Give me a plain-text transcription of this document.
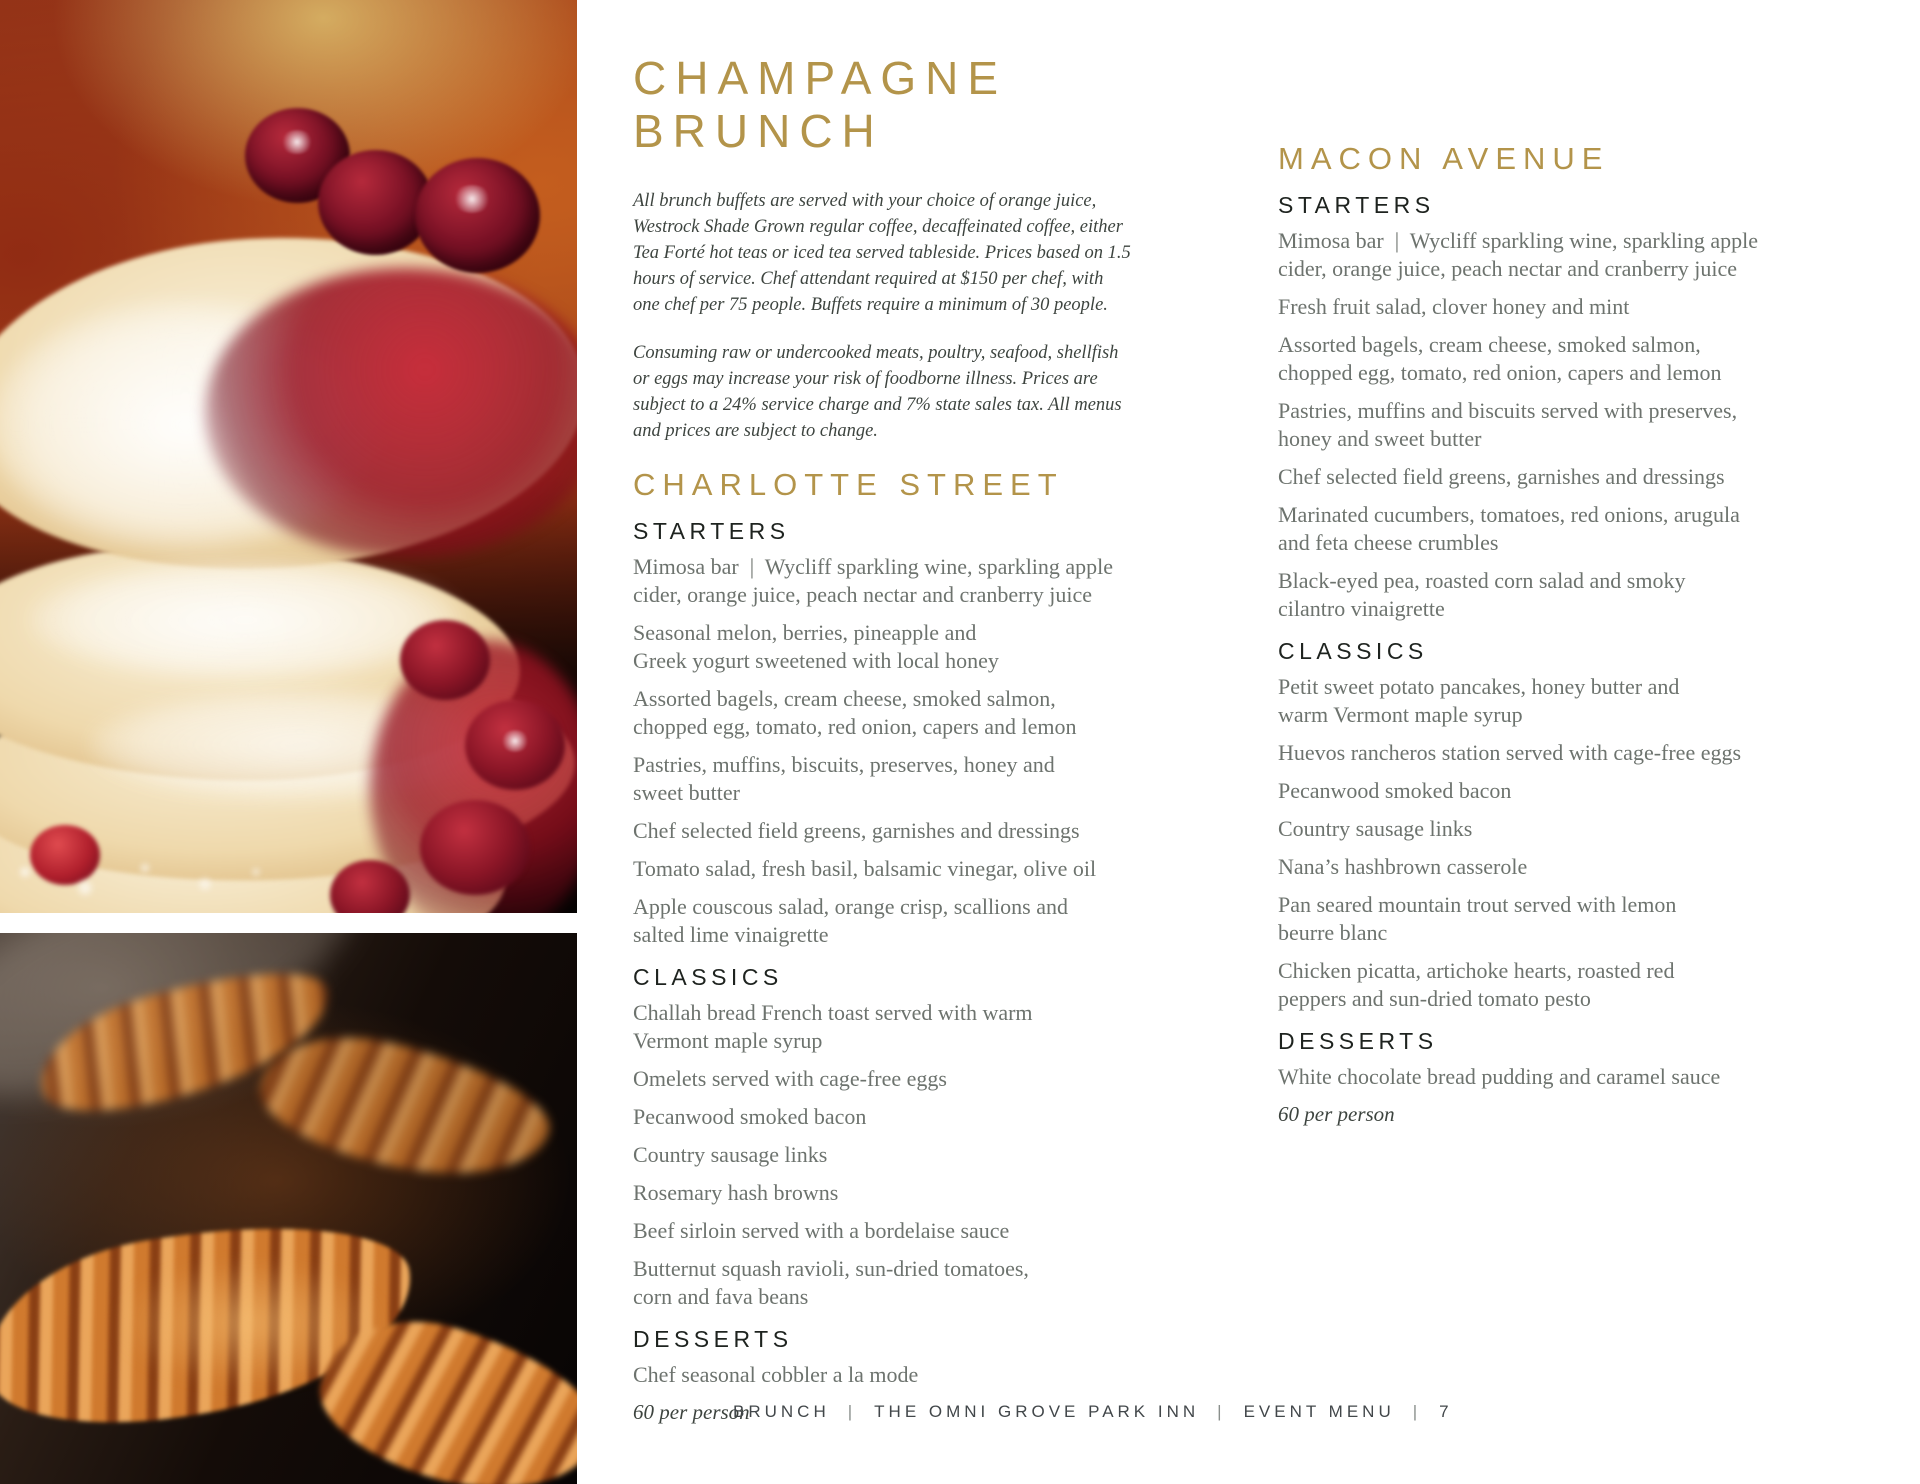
CHAMPAGNE BRUNCH
All brunch buffets are served with your choice of orange juice,
Westrock Shade Grown regular coffee, decaffeinated coffee, either
Tea Forté hot teas or iced tea served tableside. Prices based on 1.5
hours of service. Chef attendant required at $150 per chef, with
one chef per 75 people. Buffets require a minimum of 30 people.
Consuming raw or undercooked meats, poultry, seafood, shellfish
or eggs may increase your risk of foodborne illness. Prices are
subject to a 24% service charge and 7% state sales tax. All menus
and prices are subject to change.
CHARLOTTE STREET
STARTERS
Mimosa bar  |  Wycliff sparkling wine, sparkling apple
cider, orange juice, peach nectar and cranberry juice
Seasonal melon, berries, pineapple and
Greek yogurt sweetened with local honey
Assorted bagels, cream cheese, smoked salmon,
chopped egg, tomato, red onion, capers and lemon
Pastries, muffins, biscuits, preserves, honey and
sweet butter
Chef selected field greens, garnishes and dressings
Tomato salad, fresh basil, balsamic vinegar, olive oil
Apple couscous salad, orange crisp, scallions and
salted lime vinaigrette
CLASSICS
Challah bread French toast served with warm
Vermont maple syrup
Omelets served with cage-free eggs
Pecanwood smoked bacon
Country sausage links
Rosemary hash browns
Beef sirloin served with a bordelaise sauce
Butternut squash ravioli, sun-dried tomatoes,
corn and fava beans
DESSERTS
Chef seasonal cobbler a la mode
60 per person
MACON AVENUE
STARTERS
Mimosa bar  |  Wycliff sparkling wine, sparkling apple
cider, orange juice, peach nectar and cranberry juice
Fresh fruit salad, clover honey and mint
Assorted bagels, cream cheese, smoked salmon,
chopped egg, tomato, red onion, capers and lemon
Pastries, muffins and biscuits served with preserves,
honey and sweet butter
Chef selected field greens, garnishes and dressings
Marinated cucumbers, tomatoes, red onions, arugula
and feta cheese crumbles
Black-eyed pea, roasted corn salad and smoky
cilantro vinaigrette
CLASSICS
Petit sweet potato pancakes, honey butter and
warm Vermont maple syrup
Huevos rancheros station served with cage-free eggs
Pecanwood smoked bacon
Country sausage links
Nana’s hashbrown casserole
Pan seared mountain trout served with lemon
beurre blanc
Chicken picatta, artichoke hearts, roasted red
peppers and sun-dried tomato pesto
DESSERTS
White chocolate bread pudding and caramel sauce
60 per person
BRUNCH | THE OMNI GROVE PARK INN | EVENT MENU | 7
